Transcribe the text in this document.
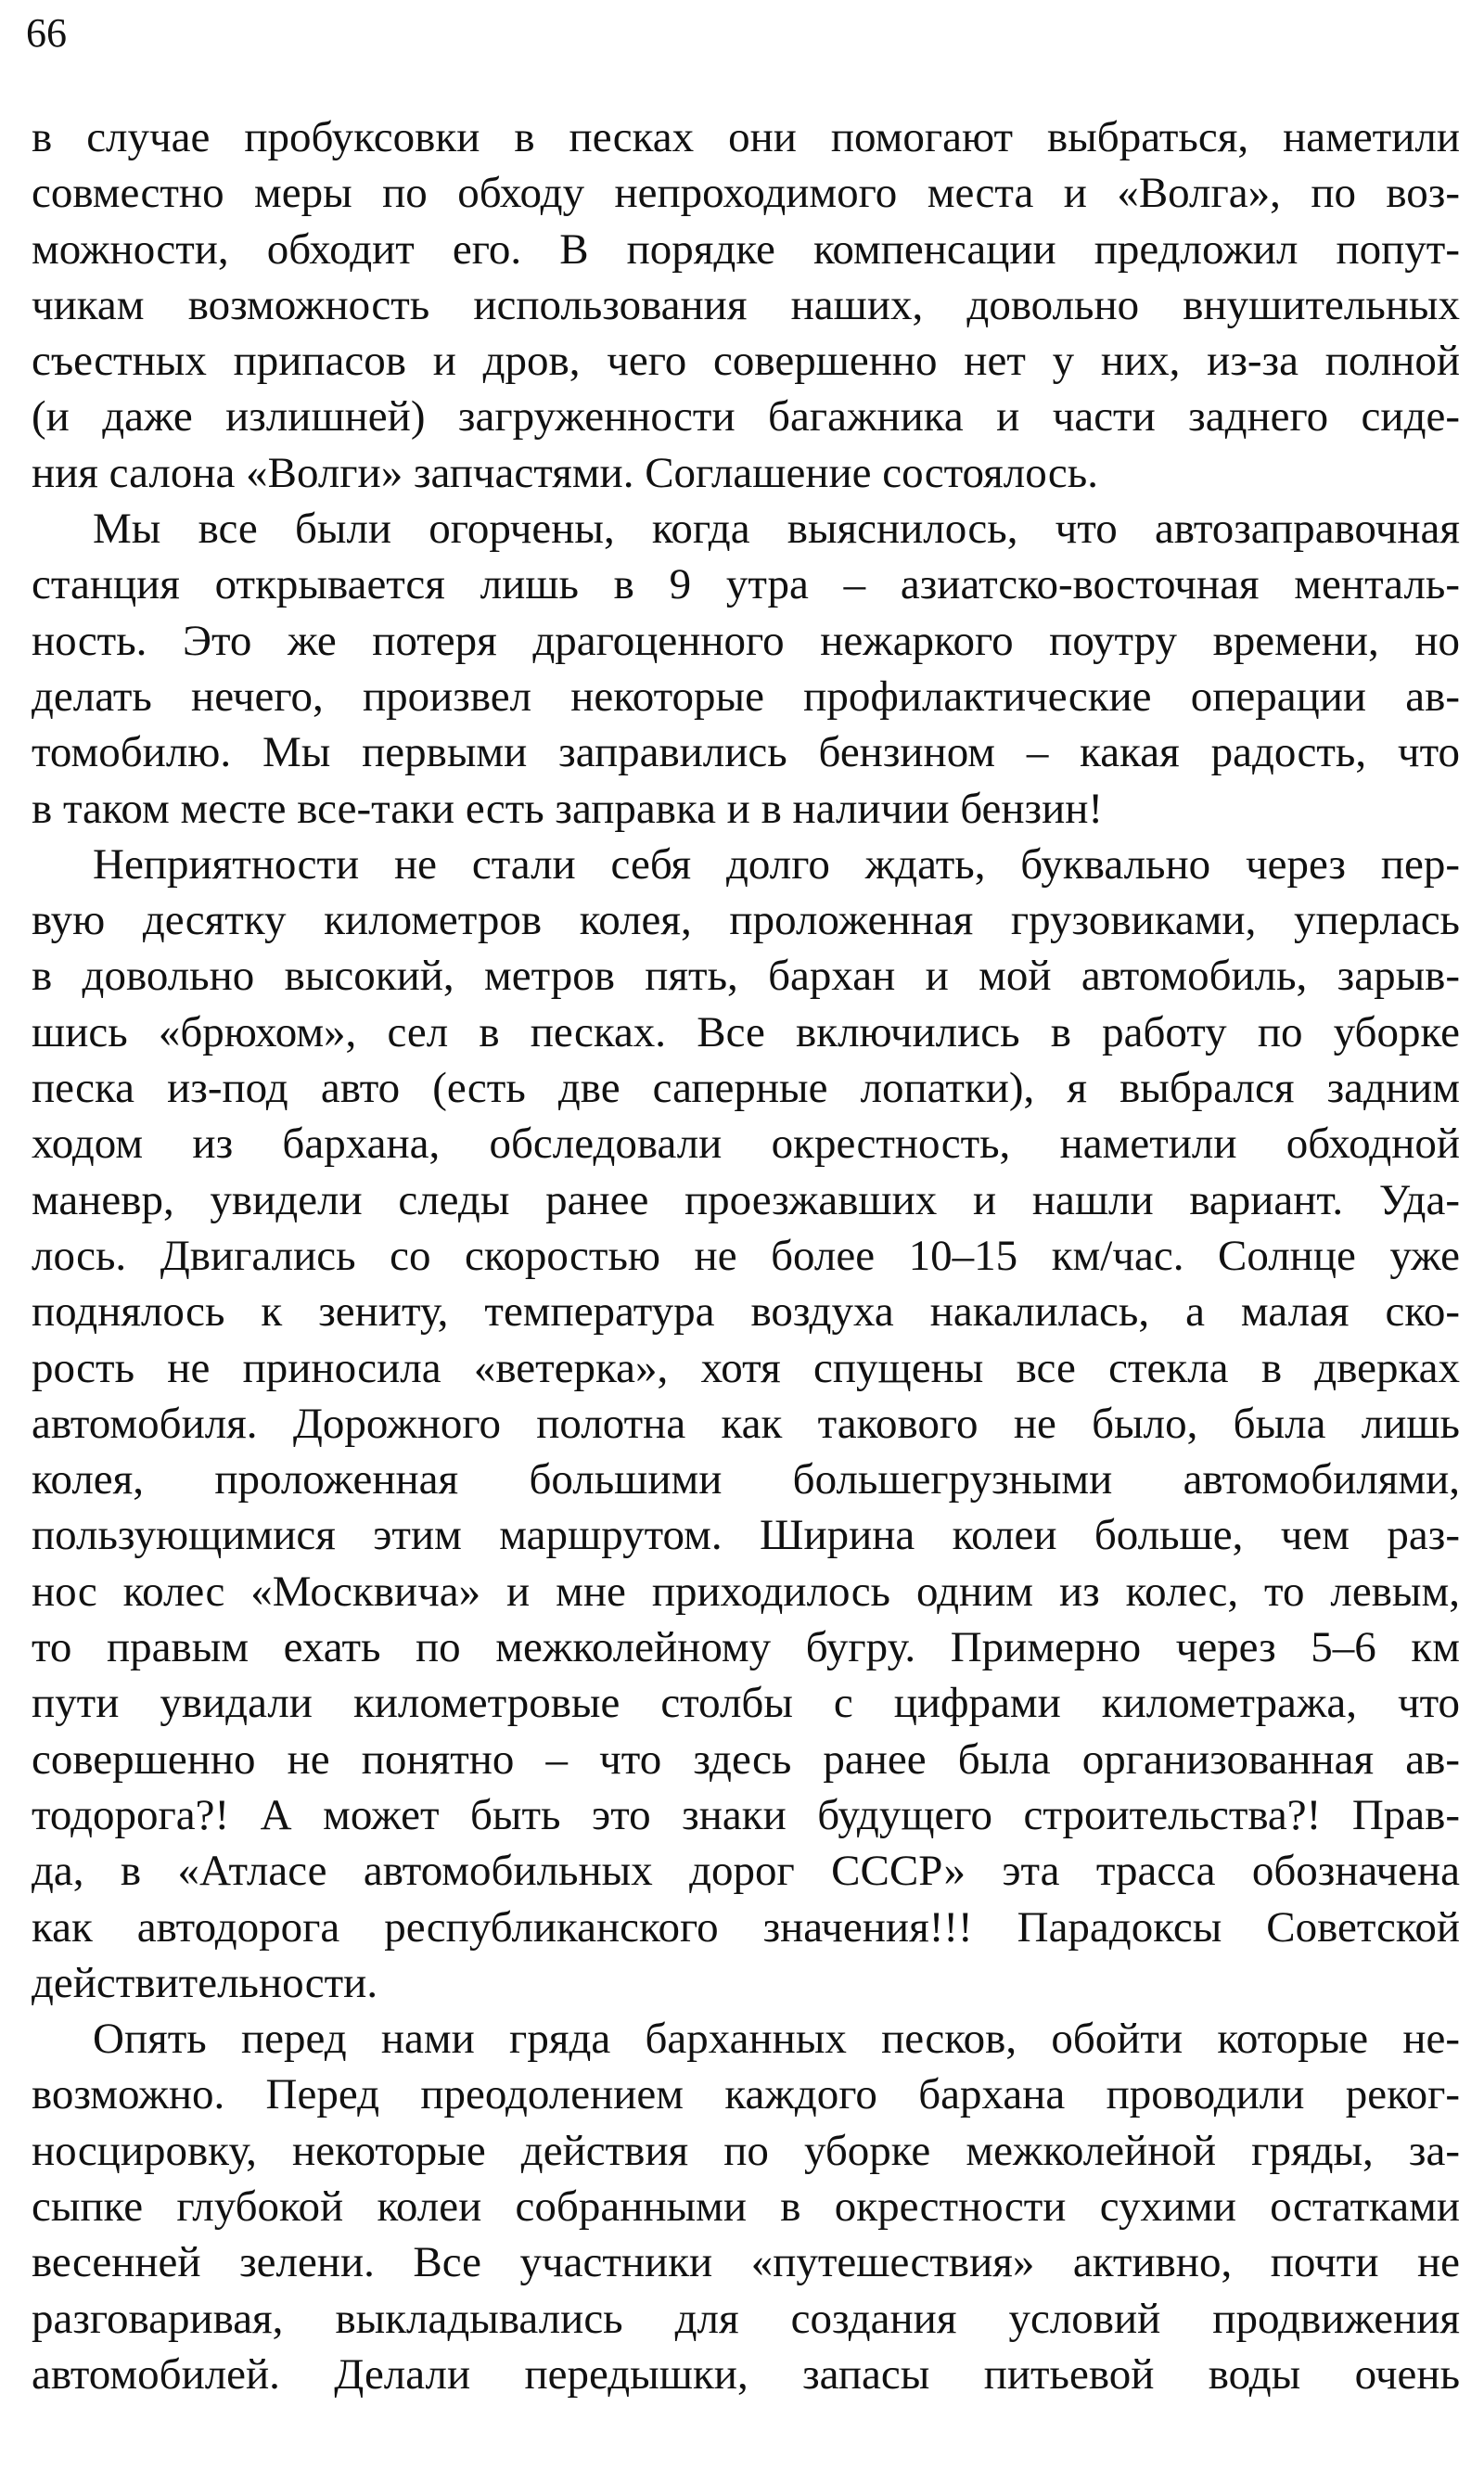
66
в случае пробуксовки в песках они помогают выбраться, наметили
совместно меры по обходу непроходимого места и «Волга», по воз-
можности, обходит его. В порядке компенсации предложил попут-
чикам возможность использования наших, довольно внушительных
съестных припасов и дров, чего совершенно нет у них, из-за полной
(и даже излишней) загруженности багажника и части заднего сиде-
ния салона «Волги» запчастями. Соглашение состоялось.
Мы все были огорчены, когда выяснилось, что автозаправочная
станция открывается лишь в 9 утра – азиатско-восточная менталь-
ность. Это же потеря драгоценного нежаркого поутру времени, но
делать нечего, произвел некоторые профилактические операции ав-
томобилю. Мы первыми заправились бензином – какая радость, что
в таком месте все-таки есть заправка и в наличии бензин!
Неприятности не стали себя долго ждать, буквально через пер-
вую десятку километров колея, проложенная грузовиками, уперлась
в довольно высокий, метров пять, бархан и мой автомобиль, зарыв-
шись «брюхом», сел в песках. Все включились в работу по уборке
песка из-под авто (есть две саперные лопатки), я выбрался задним
ходом из бархана, обследовали окрестность, наметили обходной
маневр, увидели следы ранее проезжавших и нашли вариант. Уда-
лось. Двигались со скоростью не более 10–15 км/час. Солнце уже
поднялось к зениту, температура воздуха накалилась, а малая ско-
рость не приносила «ветерка», хотя спущены все стекла в дверках
автомобиля. Дорожного полотна как такового не было, была лишь
колея, проложенная большими большегрузными автомобилями,
пользующимися этим маршрутом. Ширина колеи больше, чем раз-
нос колес «Москвича» и мне приходилось одним из колес, то левым,
то правым ехать по межколейному бугру. Примерно через 5–6 км
пути увидали километровые столбы с цифрами километража, что
совершенно не понятно – что здесь ранее была организованная ав-
тодорога?! А может быть это знаки будущего строительства?! Прав-
да, в «Атласе автомобильных дорог СССР» эта трасса обозначена
как автодорога республиканского значения!!! Парадоксы Советской
действительности.
Опять перед нами гряда барханных песков, обойти которые не-
возможно. Перед преодолением каждого бархана проводили реког-
носцировку, некоторые действия по уборке межколейной гряды, за-
сыпке глубокой колеи собранными в окрестности сухими остатками
весенней зелени. Все участники «путешествия» активно, почти не
разговаривая, выкладывались для создания условий продвижения
автомобилей. Делали передышки, запасы питьевой воды очень
